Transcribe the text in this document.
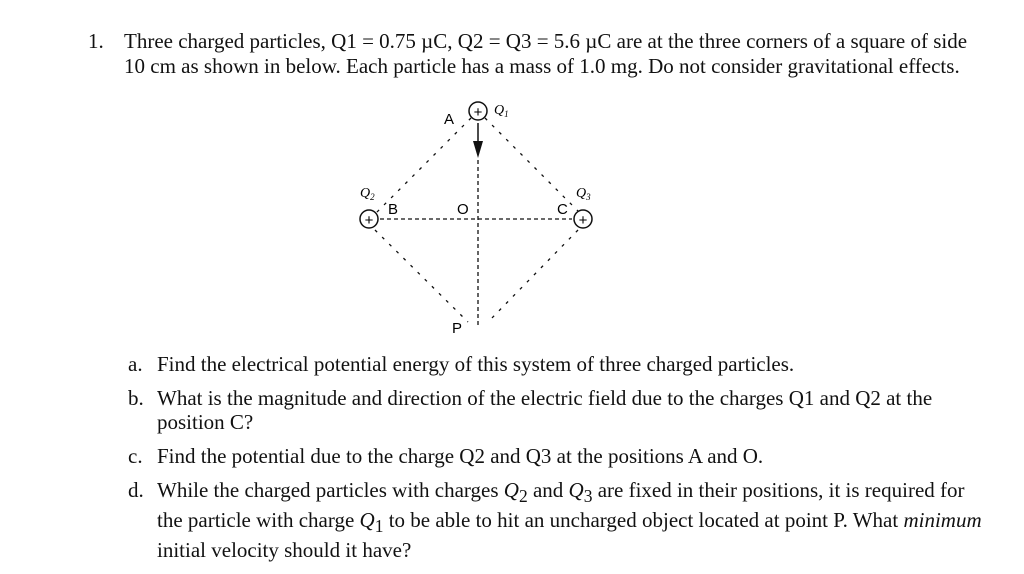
1. Three charged particles, Q1 = 0.75 µC, Q2 = Q3 = 5.6 µC are at the three corners of a square of side 10 cm as shown in below. Each particle has a mass of 1.0 mg. Do not consider gravitational effects.
+
+	+
A
B	O	C
P
$Q_1$
$Q_2$	$Q_3$
a. Find the electrical potential energy of this system of three charged particles.
b. What is the magnitude and direction of the electric field due to the charges Q1 and Q2 at the position C?
c. Find the potential due to the charge Q2 and Q3 at the positions A and O.
d. While the charged particles with charges $Q_2$ and $Q_3$ are fixed in their positions, it is required for the particle with charge $Q_1$ to be able to hit an uncharged object located at point P. What minimum initial velocity should it have?
